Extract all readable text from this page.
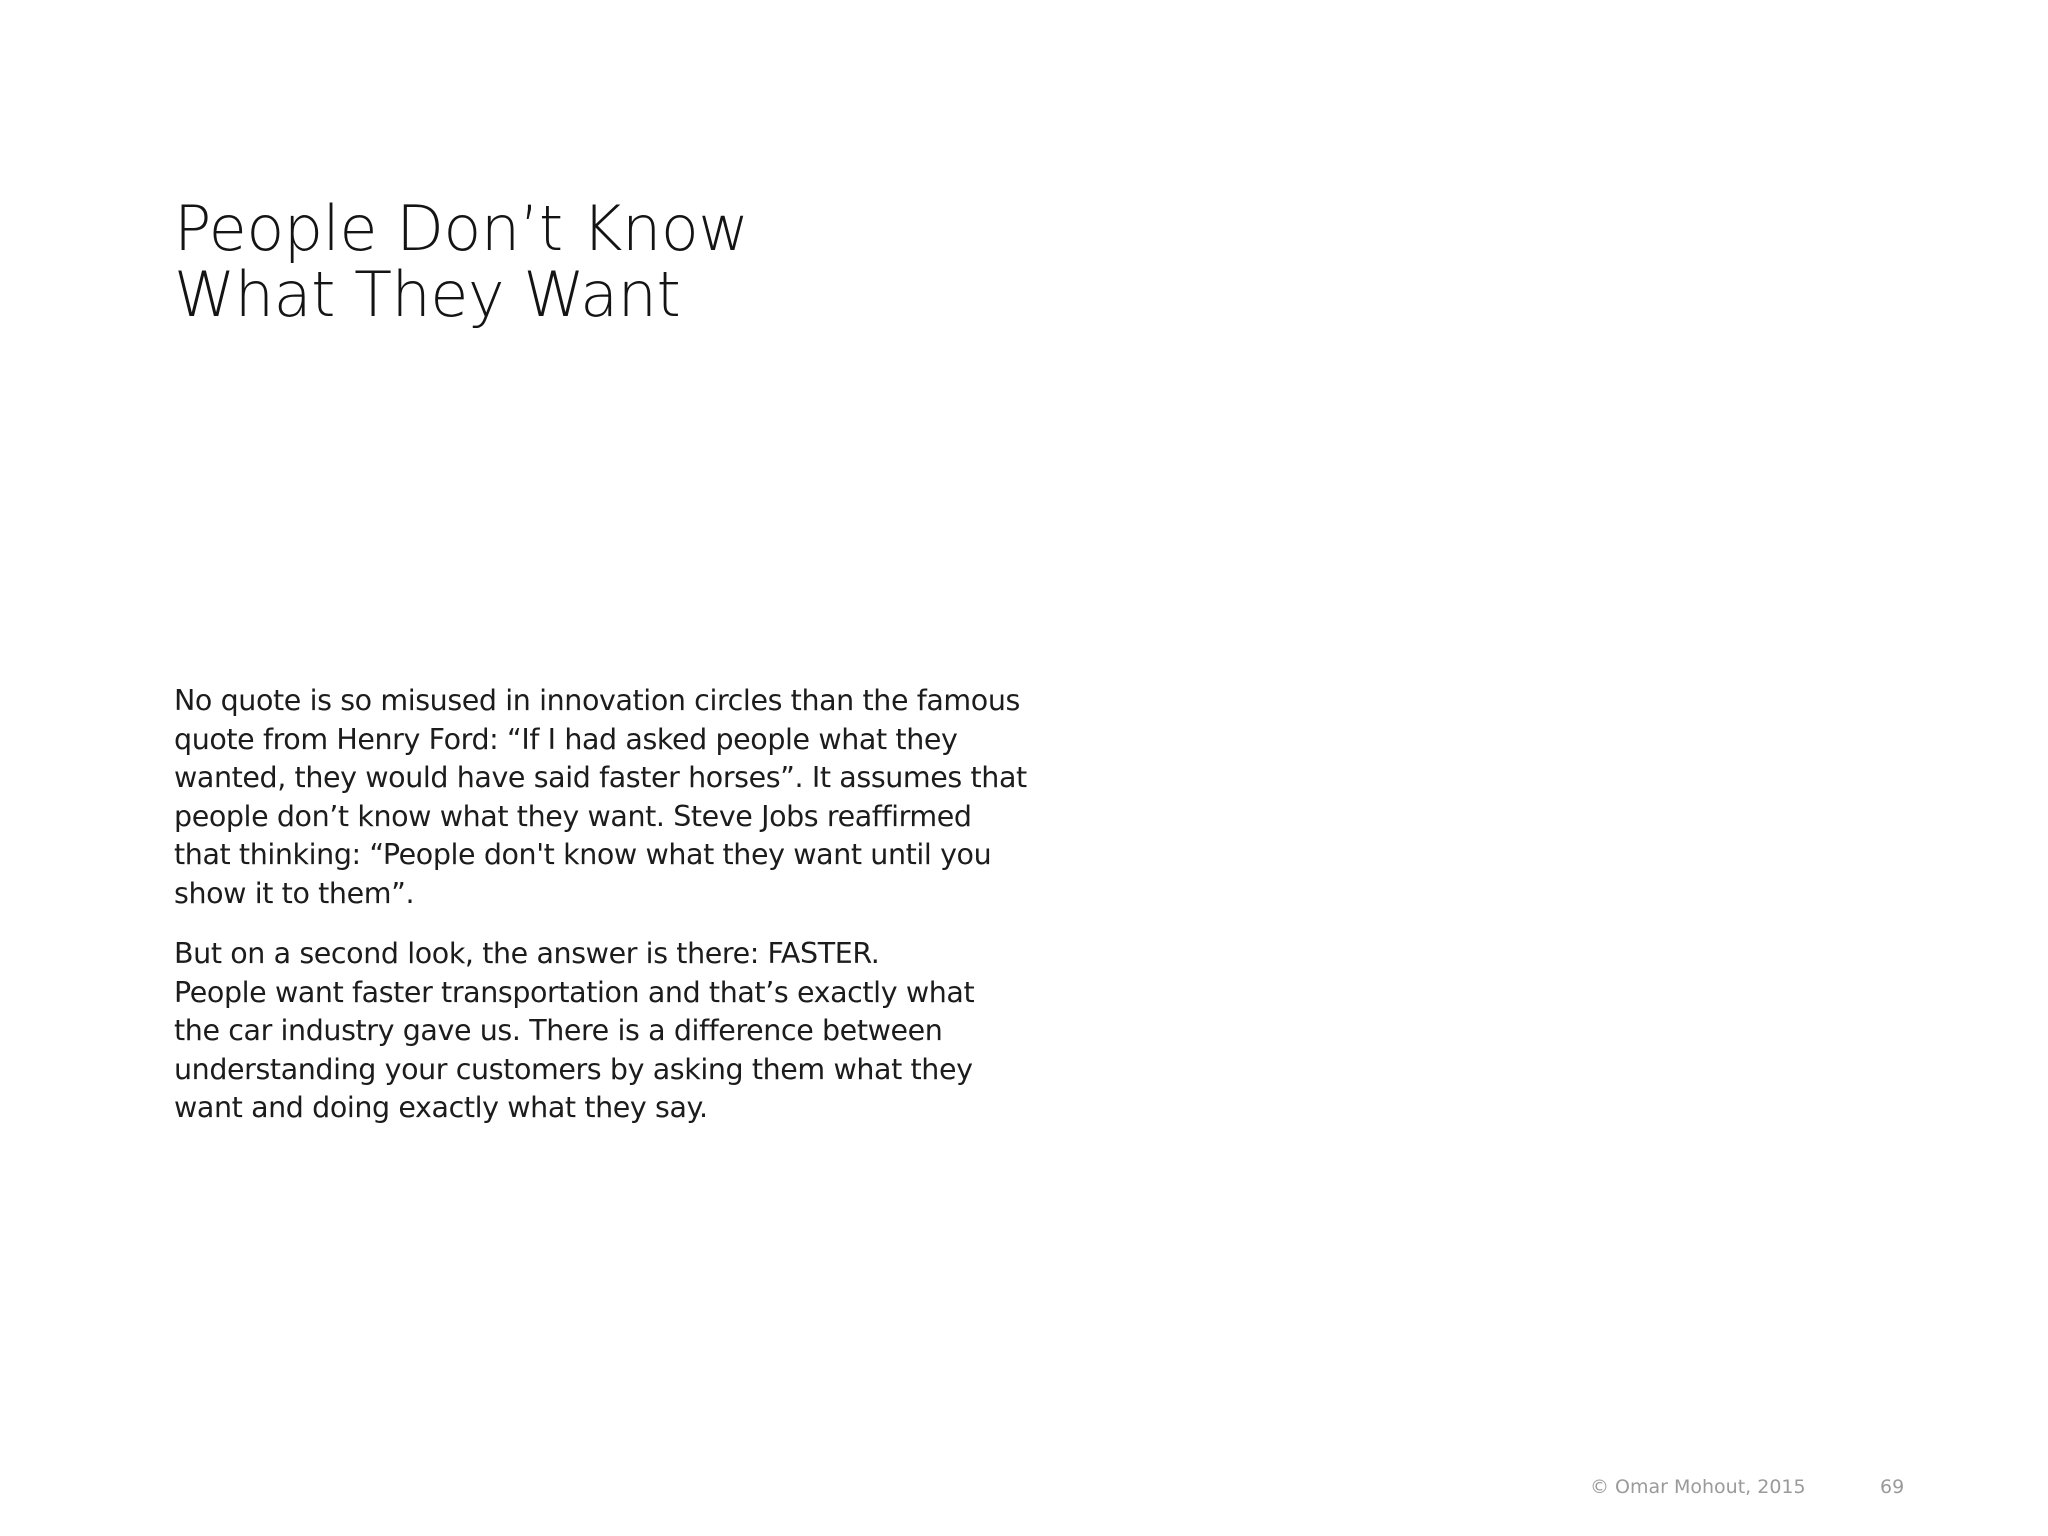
People Don’t Know
What They Want

No quote is so misused in innovation circles than the famous
quote from Henry Ford: “If I had asked people what they
wanted, they would have said faster horses”. It assumes that
people don’t know what they want. Steve Jobs reaffirmed
that thinking: “People don't know what they want until you
show it to them”.

But on a second look, the answer is there: FASTER.
People want faster transportation and that’s exactly what
the car industry gave us. There is a difference between
understanding your customers by asking them what they
want and doing exactly what they say.

© Omar Mohout, 2015	69
